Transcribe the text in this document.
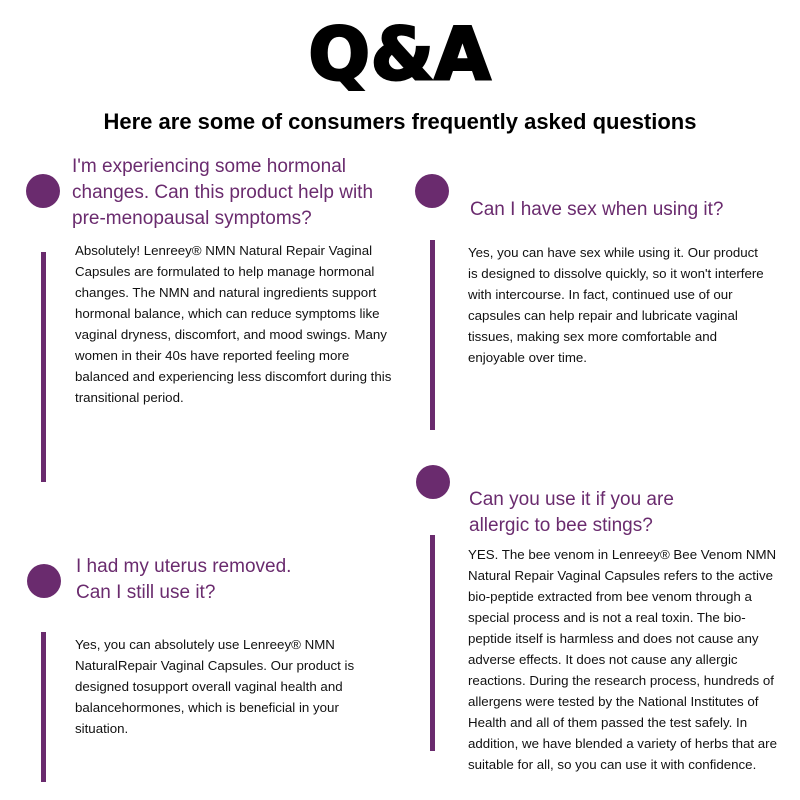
Q&A
Here are some of consumers frequently asked questions
I'm experiencing some hormonal changes. Can this product help with pre-menopausal symptoms?
Absolutely! Lenreey® NMN Natural Repair Vaginal Capsules are formulated to help manage hormonal changes. The NMN and natural ingredients support hormonal balance, which can reduce symptoms like vaginal dryness, discomfort, and mood swings. Many women in their 40s have reported feeling more balanced and experiencing less discomfort during this transitional period.
Can I have sex when using it?
Yes, you can have sex while using it. Our product is designed to dissolve quickly, so it won't interfere with intercourse. In fact, continued use of our capsules can help repair and lubricate vaginal tissues, making sex more comfortable and enjoyable over time.
I had my uterus removed. Can I still use it?
Yes, you can absolutely use Lenreey® NMN NaturalRepair Vaginal Capsules. Our product is designed tosupport overall vaginal health and balancehormones, which is beneficial in your situation.
Can you use it if you are allergic to bee stings?
YES. The bee venom in Lenreey® Bee Venom NMN Natural Repair Vaginal Capsules refers to the active bio-peptide extracted from bee venom through a special process and is not a real toxin. The bio-peptide itself is harmless and does not cause any adverse effects. It does not cause any allergic reactions. During the research process, hundreds of allergens were tested by the National Institutes of Health and all of them passed the test safely. In addition, we have blended a variety of herbs that are suitable for all, so you can use it with confidence.
